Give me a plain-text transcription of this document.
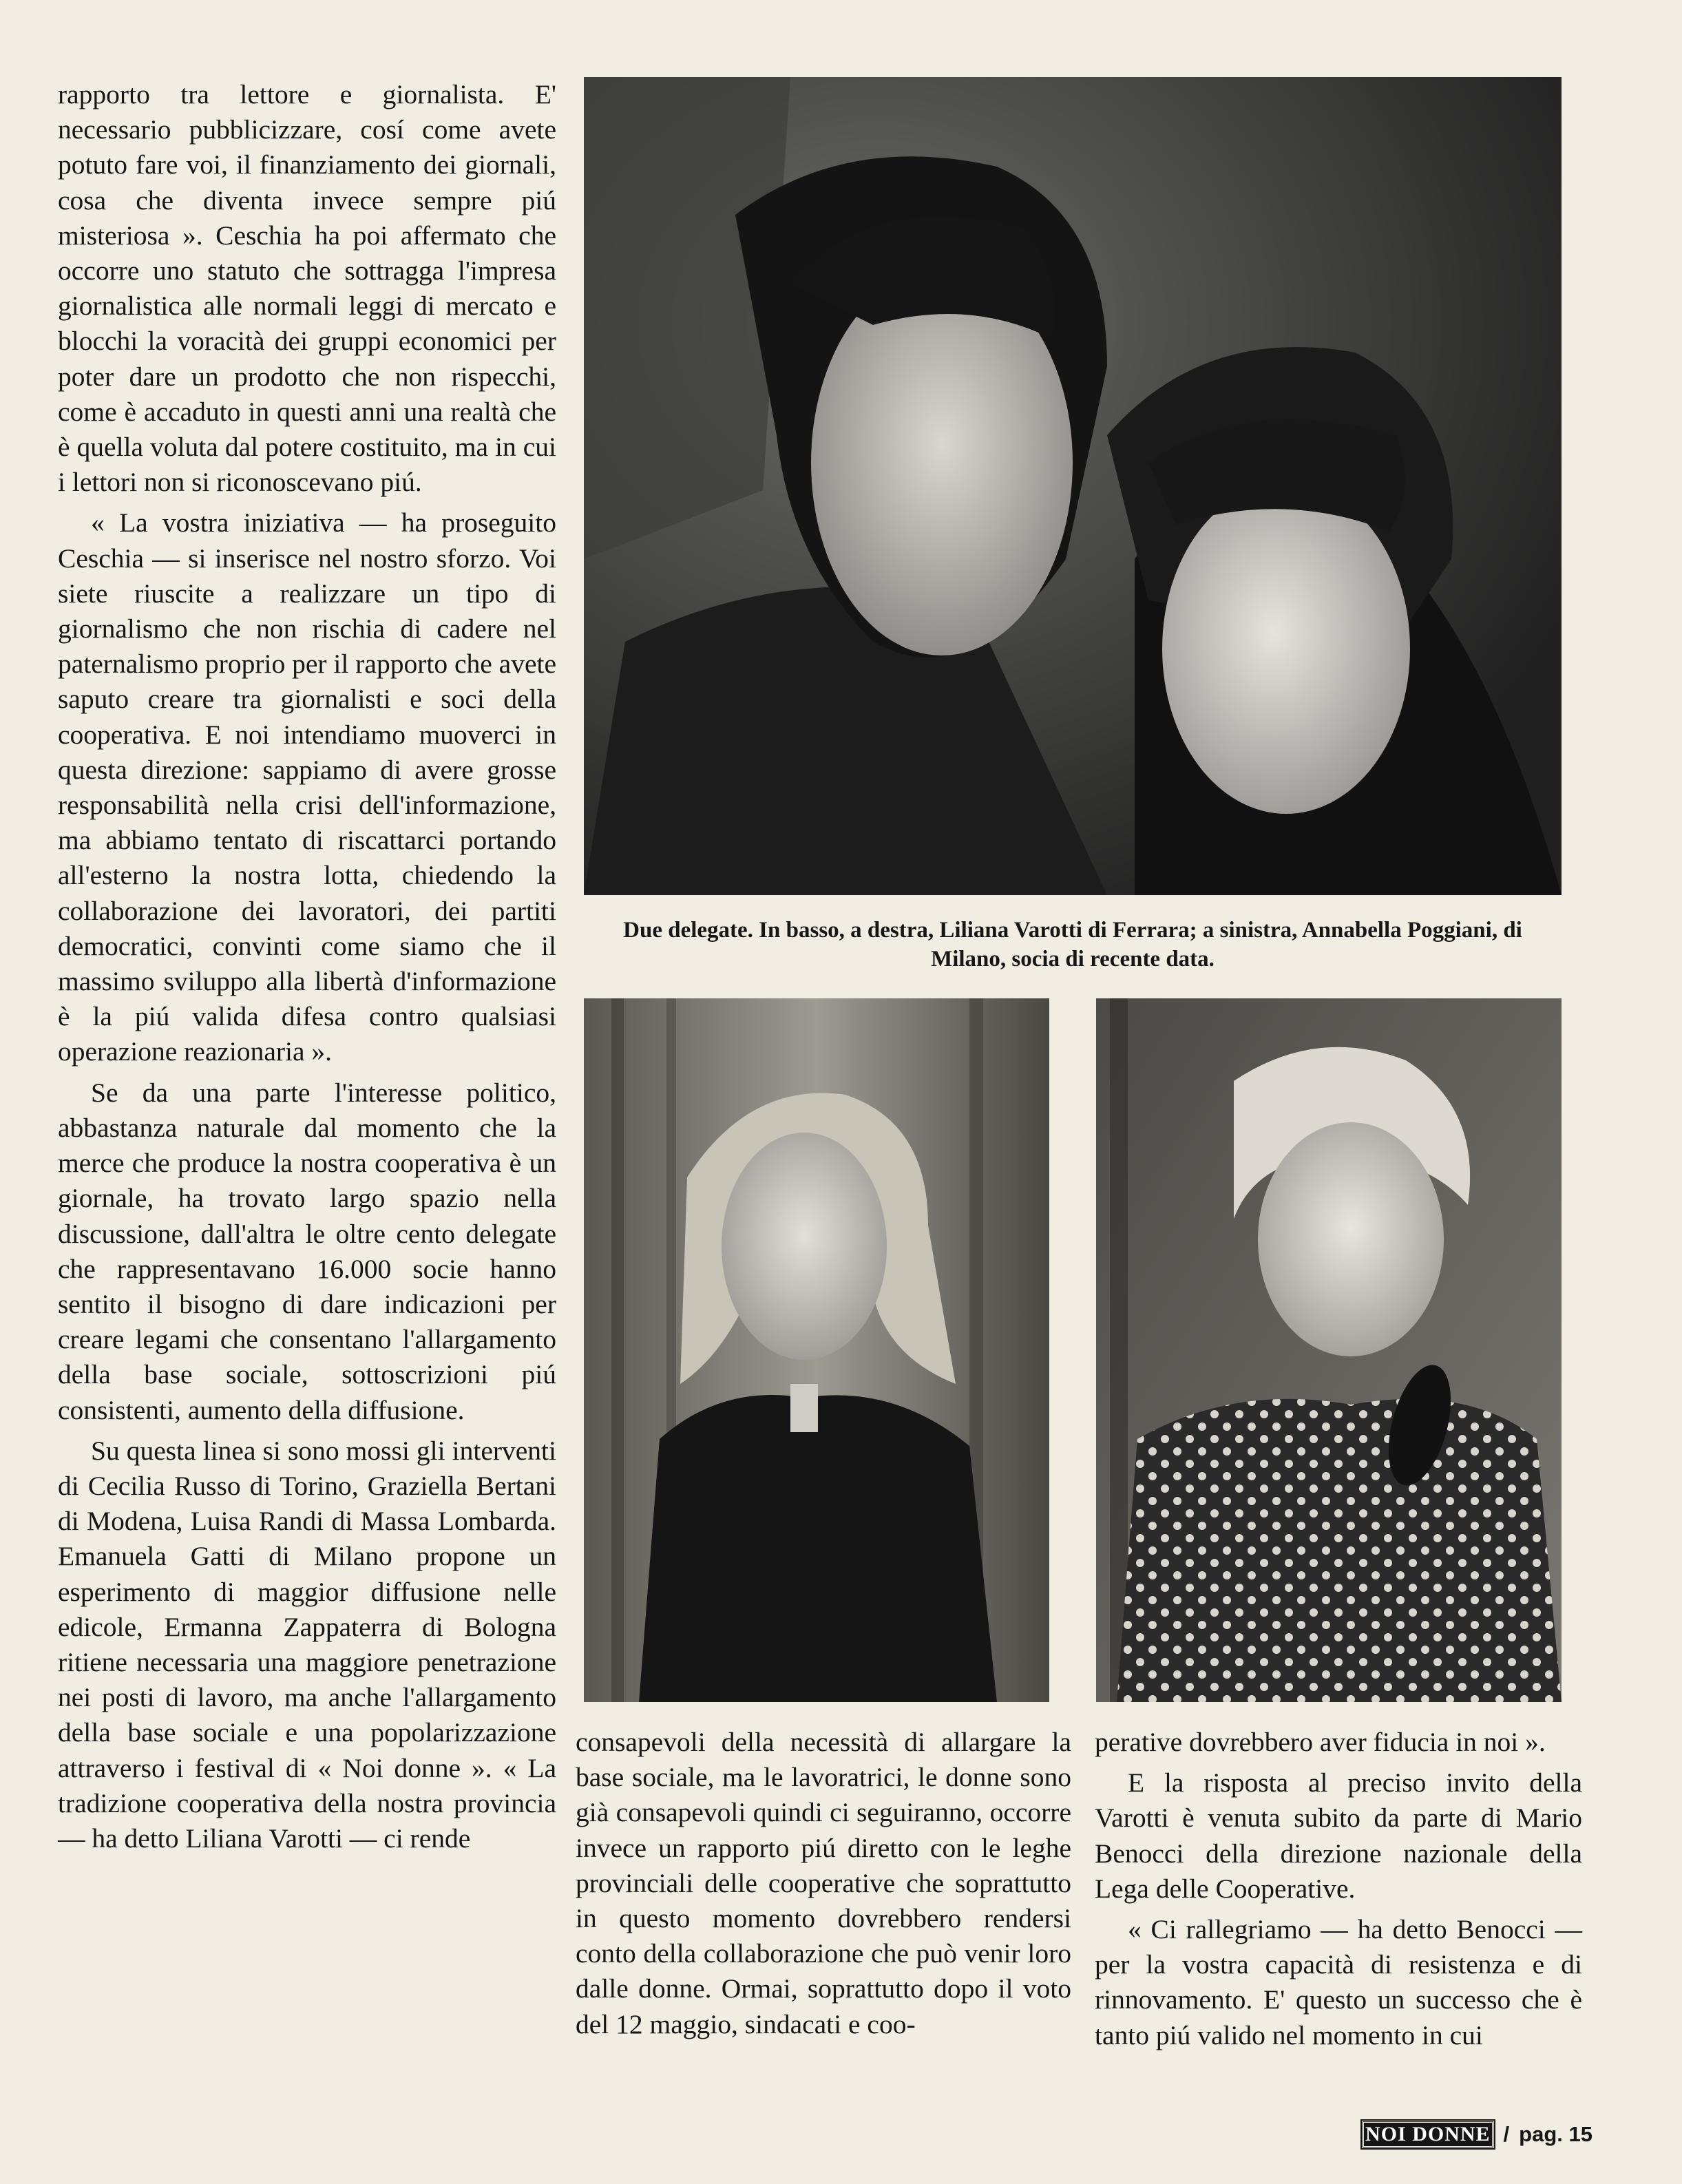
rapporto tra lettore e giornalista. E' necessario pubblicizzare, cosí come avete potuto fare voi, il finanziamento dei giornali, cosa che diventa invece sempre piú misteriosa ». Ceschia ha poi affermato che occorre uno statuto che sottragga l'impresa giornalistica alle normali leggi di mercato e blocchi la voracità dei gruppi economici per poter dare un prodotto che non rispecchi, come è accaduto in questi anni una realtà che è quella voluta dal potere costituito, ma in cui i lettori non si riconoscevano piú.

« La vostra iniziativa — ha proseguito Ceschia — si inserisce nel nostro sforzo. Voi siete riuscite a realizzare un tipo di giornalismo che non rischia di cadere nel paternalismo proprio per il rapporto che avete saputo creare tra giornalisti e soci della cooperativa. E noi intendiamo muoverci in questa direzione: sappiamo di avere grosse responsabilità nella crisi dell'informazione, ma abbiamo tentato di riscattarci portando all'esterno la nostra lotta, chiedendo la collaborazione dei lavoratori, dei partiti democratici, convinti come siamo che il massimo sviluppo alla libertà d'informazione è la piú valida difesa contro qualsiasi operazione reazionaria ».

Se da una parte l'interesse politico, abbastanza naturale dal momento che la merce che produce la nostra cooperativa è un giornale, ha trovato largo spazio nella discussione, dall'altra le oltre cento delegate che rappresentavano 16.000 socie hanno sentito il bisogno di dare indicazioni per creare legami che consentano l'allargamento della base sociale, sottoscrizioni piú consistenti, aumento della diffusione.

Su questa linea si sono mossi gli interventi di Cecilia Russo di Torino, Graziella Bertani di Modena, Luisa Randi di Massa Lombarda. Emanuela Gatti di Milano propone un esperimento di maggior diffusione nelle edicole, Ermanna Zappaterra di Bologna ritiene necessaria una maggiore penetrazione nei posti di lavoro, ma anche l'allargamento della base sociale e una popolarizzazione attraverso i festival di « Noi donne ». « La tradizione cooperativa della nostra provincia — ha detto Liliana Varotti — ci rende

Due delegate. In basso, a destra, Liliana Varotti di Ferrara; a sinistra, Annabella Poggiani, di Milano, socia di recente data.

consapevoli della necessità di allargare la base sociale, ma le lavoratrici, le donne sono già consapevoli quindi ci seguiranno, occorre invece un rapporto piú diretto con le leghe provinciali delle cooperative che soprattutto in questo momento dovrebbero rendersi conto della collaborazione che può venir loro dalle donne. Ormai, soprattutto dopo il voto del 12 maggio, sindacati e coo-

perative dovrebbero aver fiducia in noi ».

E la risposta al preciso invito della Varotti è venuta subito da parte di Mario Benocci della direzione nazionale della Lega delle Cooperative.

« Ci rallegriamo — ha detto Benocci — per la vostra capacità di resistenza e di rinnovamento. E' questo un successo che è tanto piú valido nel momento in cui

NOI DONNE / pag. 15
